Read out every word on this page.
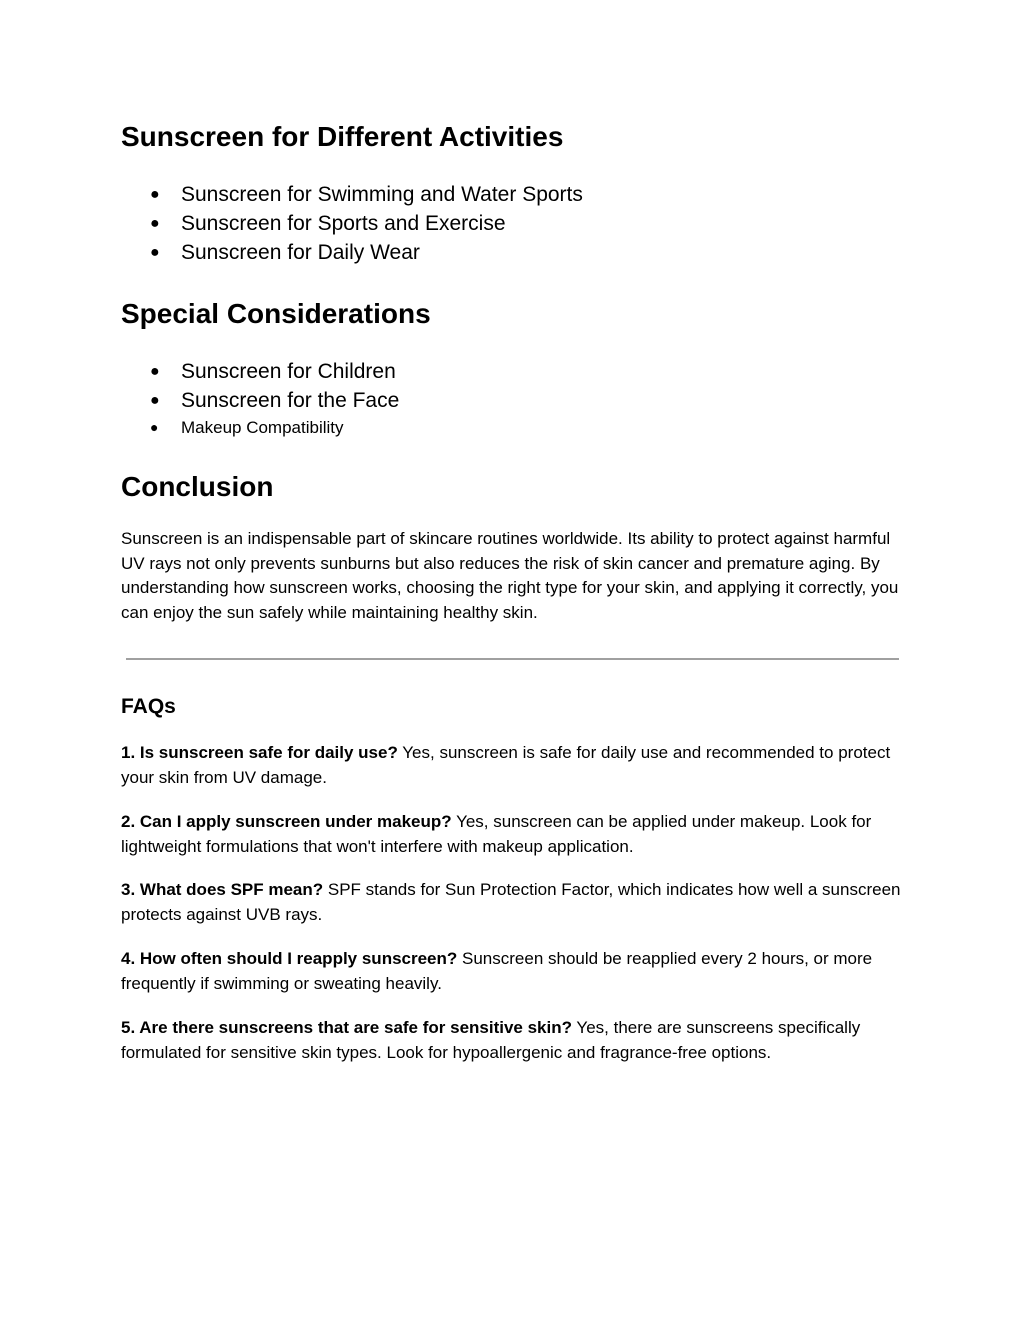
Sunscreen for Different Activities
● Sunscreen for Swimming and Water Sports
● Sunscreen for Sports and Exercise
● Sunscreen for Daily Wear
Special Considerations
● Sunscreen for Children
● Sunscreen for the Face
● Makeup Compatibility
Conclusion

Sunscreen is an indispensable part of skincare routines worldwide. Its ability to protect against harmful UV rays not only prevents sunburns but also reduces the risk of skin cancer and premature aging. By understanding how sunscreen works, choosing the right type for your skin, and applying it correctly, you can enjoy the sun safely while maintaining healthy skin.

FAQs
1. Is sunscreen safe for daily use? Yes, sunscreen is safe for daily use and recommended to protect your skin from UV damage.
2. Can I apply sunscreen under makeup? Yes, sunscreen can be applied under makeup. Look for lightweight formulations that won't interfere with makeup application.
3. What does SPF mean? SPF stands for Sun Protection Factor, which indicates how well a sunscreen protects against UVB rays.
4. How often should I reapply sunscreen? Sunscreen should be reapplied every 2 hours, or more frequently if swimming or sweating heavily.
5. Are there sunscreens that are safe for sensitive skin? Yes, there are sunscreens specifically formulated for sensitive skin types. Look for hypoallergenic and fragrance-free options.
